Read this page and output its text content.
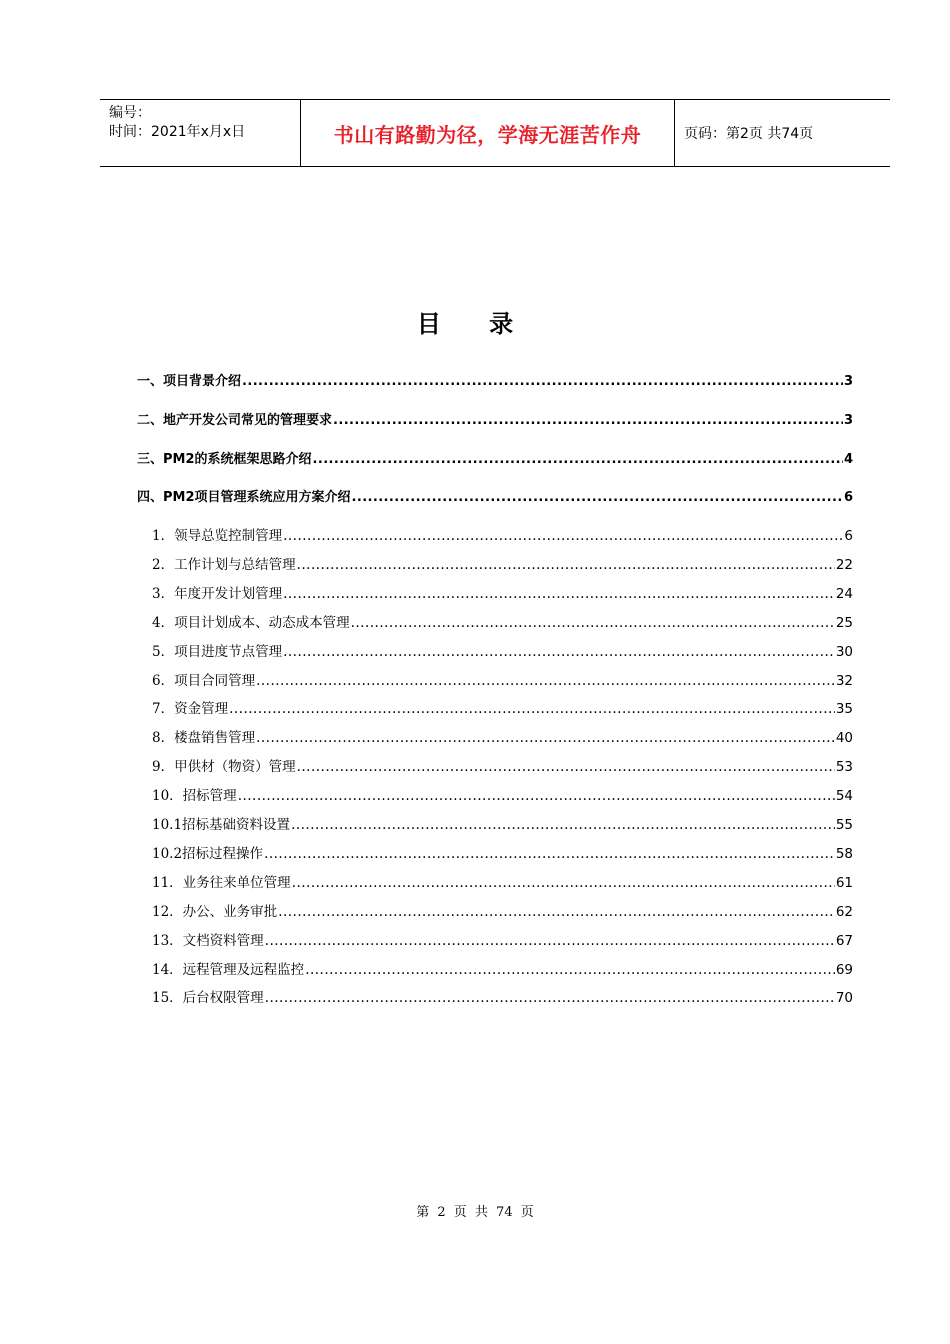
编号：
时间：2021年x月x日	书山有路勤为径，学海无涯苦作舟	页码：第2页 共74页
目 录
一、项目背景介绍 .....	3
二、地产开发公司常见的管理要求 .....	3
三、PM2的系统框架思路介绍 .....	4
四、PM2项目管理系统应用方案介绍 .....	6
1．领导总览控制管理 .....	6
2．工作计划与总结管理 .....	22
3．年度开发计划管理 .....	24
4．项目计划成本、动态成本管理 .....	25
5．项目进度节点管理 .....	30
6．项目合同管理 .....	32
7．资金管理 .....	35
8．楼盘销售管理 .....	40
9．甲供材（物资）管理 .....	53
10．招标管理 .....	54
10.1招标基础资料设置 .....	55
10.2招标过程操作 .....	58
11．业务往来单位管理 .....	61
12．办公、业务审批 .....	62
13．文档资料管理 .....	67
14．远程管理及远程监控 .....	69
15．后台权限管理 .....	70
第 2 页 共 74 页
